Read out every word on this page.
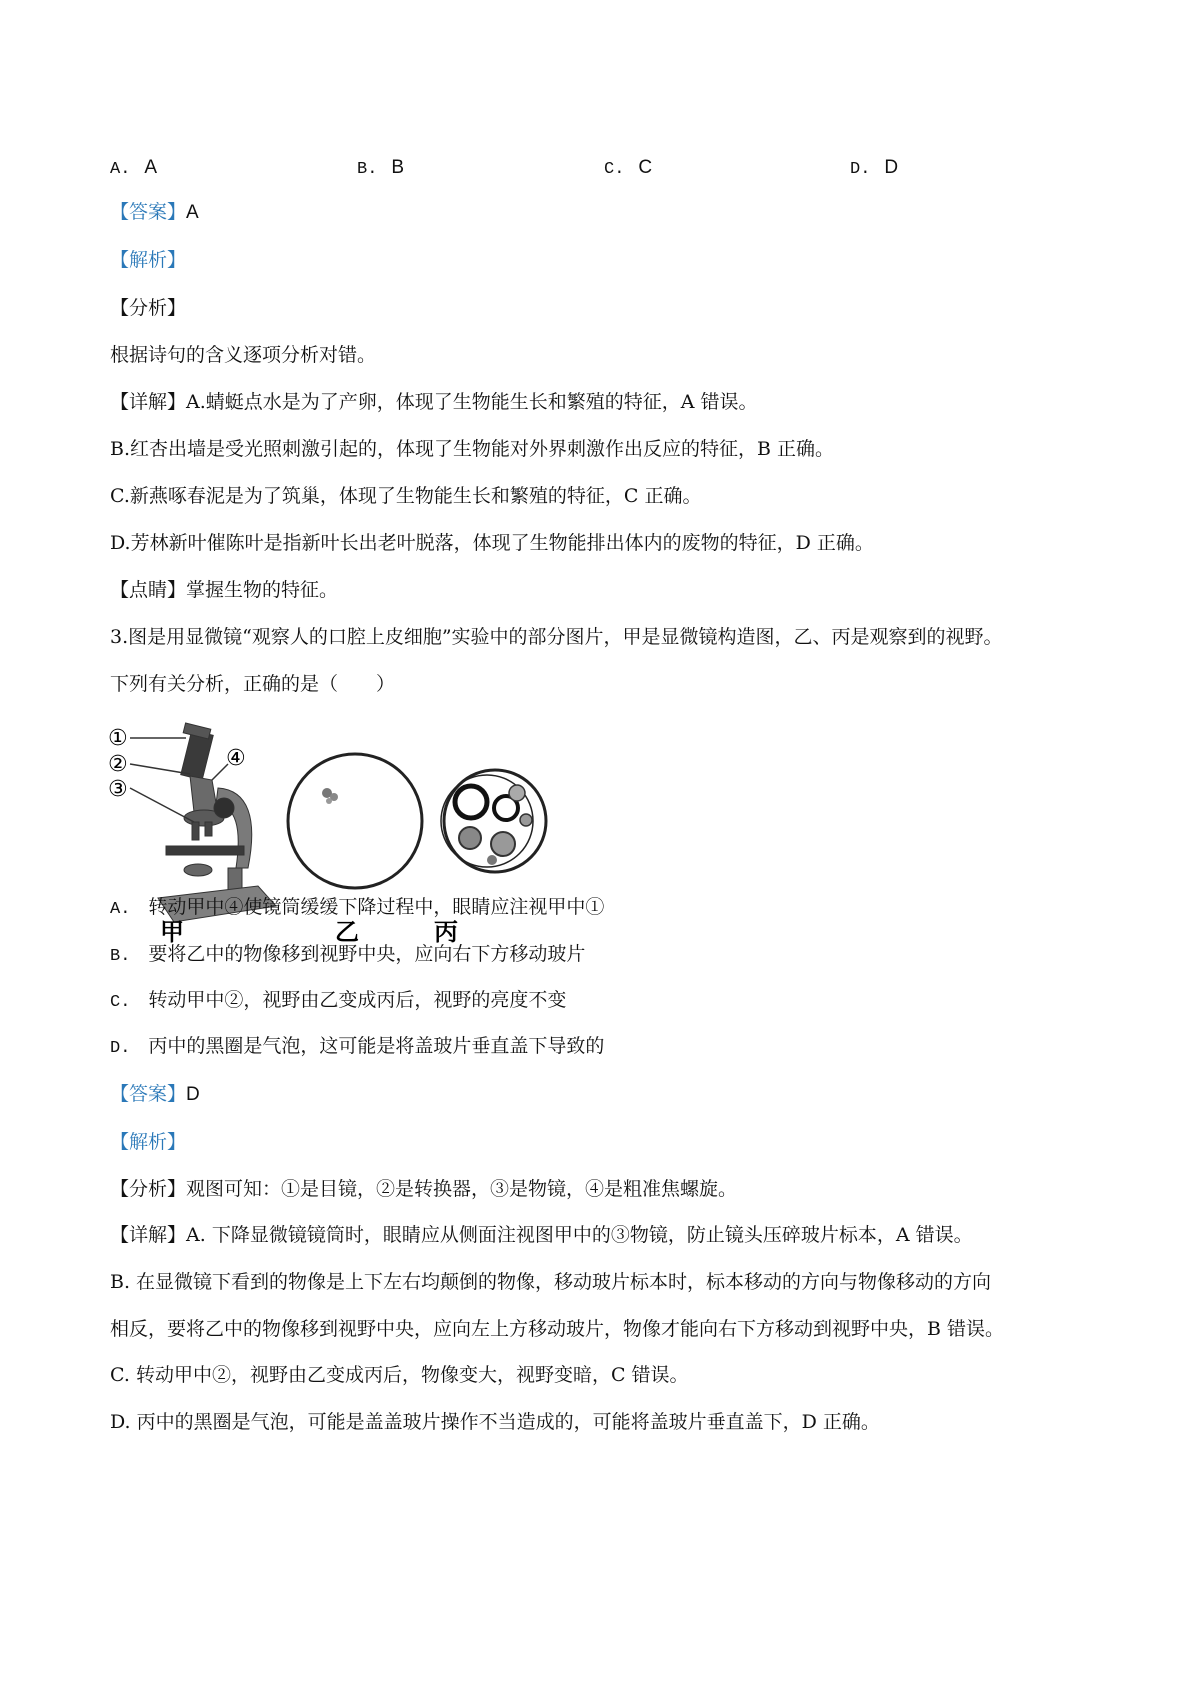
A. A	B. B	C. C	D. D
【答案】A
【解析】
【分析】
根据诗句的含义逐项分析对错。
【详解】A.蜻蜓点水是为了产卵，体现了生物能生长和繁殖的特征，A 错误。
B.红杏出墙是受光照刺激引起的，体现了生物能对外界刺激作出反应的特征，B 正确。
C.新燕啄春泥是为了筑巢，体现了生物能生长和繁殖的特征，C 正确。
D.芳林新叶催陈叶是指新叶长出老叶脱落，体现了生物能排出体内的废物的特征，D 正确。
【点睛】掌握生物的特征。
3.图是用显微镜“观察人的口腔上皮细胞”实验中的部分图片，甲是显微镜构造图，乙、丙是观察到的视野。
下列有关分析，正确的是（　　）
①
②
③
④
甲	乙	丙
A. 转动甲中④使镜筒缓缓下降过程中，眼睛应注视甲中①
B. 要将乙中的物像移到视野中央，应向右下方移动玻片
C. 转动甲中②，视野由乙变成丙后，视野的亮度不变
D. 丙中的黑圈是气泡，这可能是将盖玻片垂直盖下导致的
【答案】D
【解析】
【分析】观图可知：①是目镜，②是转换器，③是物镜，④是粗准焦螺旋。
【详解】A. 下降显微镜镜筒时，眼睛应从侧面注视图甲中的③物镜，防止镜头压碎玻片标本，A 错误。
B. 在显微镜下看到的物像是上下左右均颠倒的物像，移动玻片标本时，标本移动的方向与物像移动的方向
相反，要将乙中的物像移到视野中央，应向左上方移动玻片，物像才能向右下方移动到视野中央，B 错误。
C. 转动甲中②，视野由乙变成丙后，物像变大，视野变暗，C 错误。
D. 丙中的黑圈是气泡，可能是盖盖玻片操作不当造成的，可能将盖玻片垂直盖下，D 正确。
